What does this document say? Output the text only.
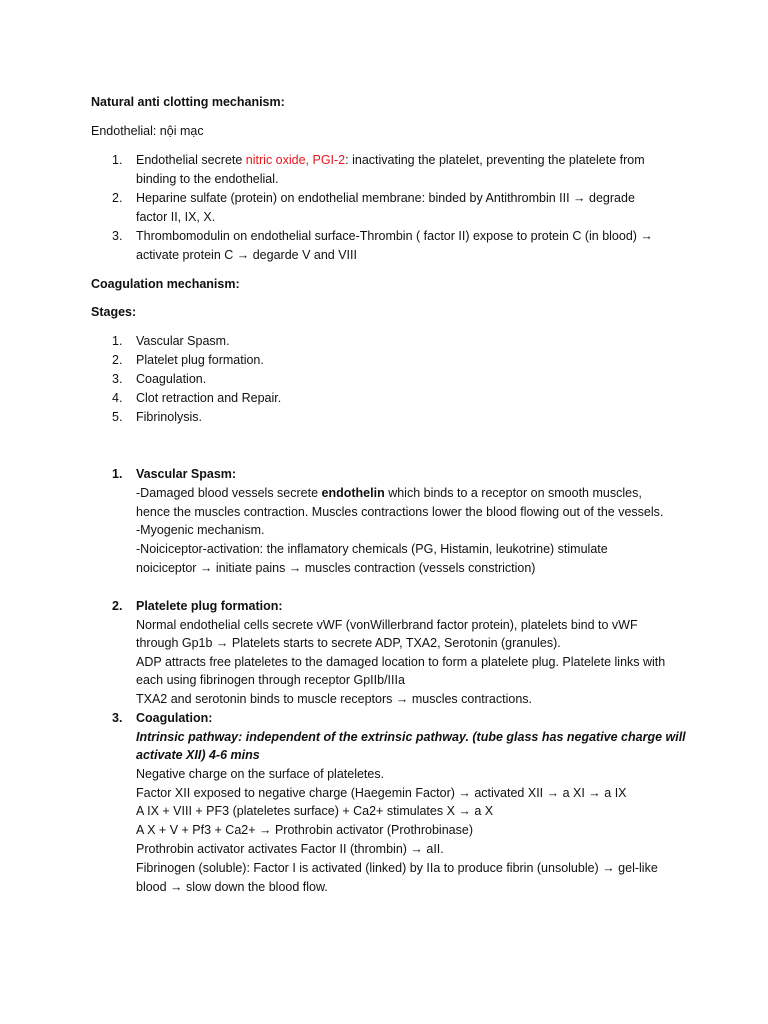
Natural anti clotting mechanism:
Endothelial: nội mạc
1. Endothelial secrete nitric oxide, PGI-2: inactivating the platelet, preventing the platelete from
binding to the endothelial.
2. Heparine sulfate (protein) on endothelial membrane: binded by Antithrombin III → degrade
factor II, IX, X.
3. Thrombomodulin on endothelial surface-Thrombin ( factor II) expose to protein C (in blood) →
activate protein C → degarde V and VIII
Coagulation mechanism:
Stages:
1. Vascular Spasm.
2. Platelet plug formation.
3. Coagulation.
4. Clot retraction and Repair.
5. Fibrinolysis.
1. Vascular Spasm:
-Damaged blood vessels secrete endothelin which binds to a receptor on smooth muscles,
hence the muscles contraction. Muscles contractions lower the blood flowing out of the vessels.
-Myogenic mechanism.
-Noiciceptor-activation: the inflamatory chemicals (PG, Histamin, leukotrine) stimulate
noiciceptor → initiate pains → muscles contraction (vessels constriction)
2. Platelete plug formation:
Normal endothelial cells secrete vWF (vonWillerbrand factor protein), platelets bind to vWF
through Gp1b → Platelets starts to secrete ADP, TXA2, Serotonin (granules).
ADP attracts free plateletes to the damaged location to form a platelete plug. Platelete links with
each using fibrinogen through receptor GpIIb/IIIa
TXA2 and serotonin binds to muscle receptors → muscles contractions.
3. Coagulation:
Intrinsic pathway: independent of the extrinsic pathway. (tube glass has negative charge will
activate XII) 4-6 mins
Negative charge on the surface of plateletes.
Factor XII exposed to negative charge (Haegemin Factor) → activated XII → a XI → a IX
A IX + VIII + PF3 (plateletes surface) + Ca2+ stimulates X → a X
A X + V + Pf3 + Ca2+ → Prothrobin activator (Prothrobinase)
Prothrobin activator activates Factor II (thrombin) → aII.
Fibrinogen (soluble): Factor I is activated (linked) by IIa to produce fibrin (unsoluble) → gel-like
blood → slow down the blood flow.
